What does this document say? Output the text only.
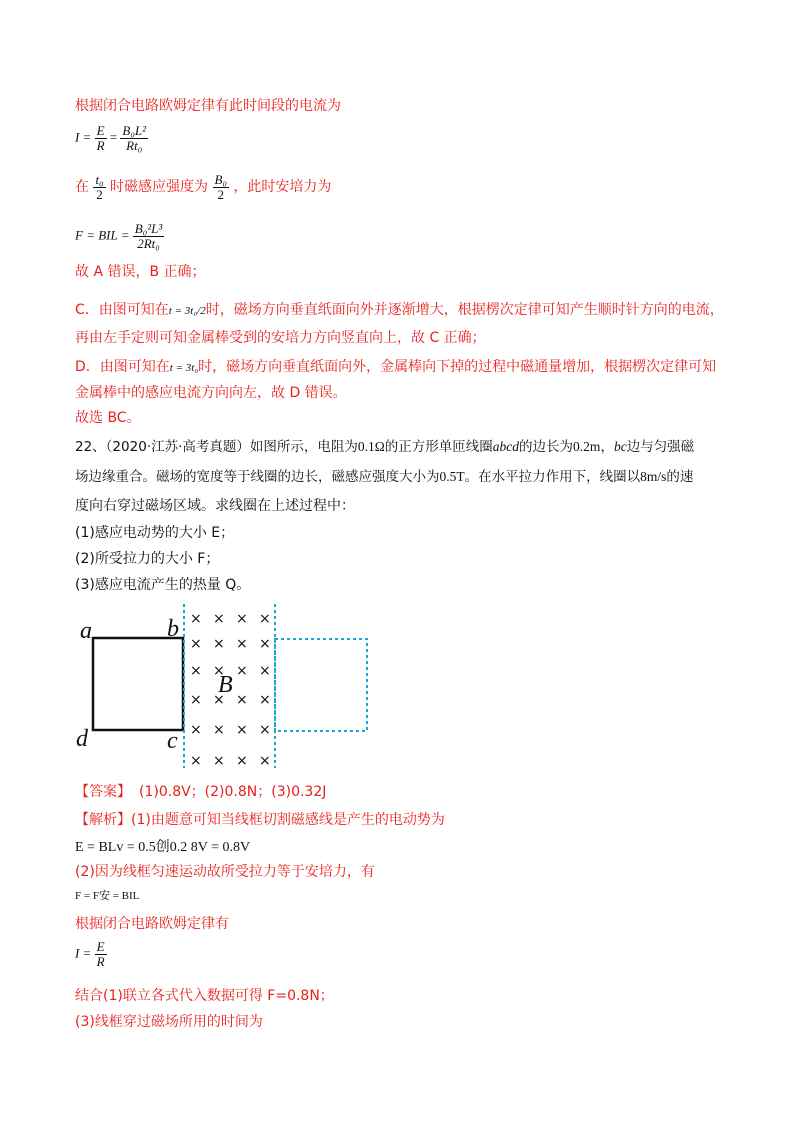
根据闭合电路欧姆定律有此时间段的电流为
$I = \frac{E}{R} = \frac{\text{B₀L²}}{\text{Rt₀}}$
在 $\frac{\text{t₀}}{2}$ 时磁感应强度为 $\frac{\text{B₀}}{2}$ ，此时安培力为
F = BIL = $\frac{\text{B₀²L³}}{\text{2Rt₀}}$
故 A 错误，B 正确；
C．由图可知在t = 3t₀/2时，磁场方向垂直纸面向外并逐渐增大，根据楞次定律可知产生顺时针方向的电流，
再由左手定则可知金属棒受到的安培力方向竖直向上，故 C 正确；
D．由图可知在t = 3t₀时，磁场方向垂直纸面向外，金属棒向下掉的过程中磁通量增加，根据楞次定律可知
金属棒中的感应电流方向向左，故 D 错误。
故选 BC。
22、（2020·江苏·高考真题）如图所示，电阻为0.1Ω的正方形单匝线圈abcd的边长为0.2m，bc边与匀强磁
场边缘重合。磁场的宽度等于线圈的边长，磁感应强度大小为0.5T。在水平拉力作用下，线圈以8m/s的速
度向右穿过磁场区域。求线圈在上述过程中：
(1)感应电动势的大小 E；
(2)所受拉力的大小 F；
(3)感应电流产生的热量 Q。
× × × ×
× × × ×
× × × ×
× × × ×
× × × ×
× × × ×
a	b
c
d
B
【答案】 (1)0.8V；(2)0.8N；(3)0.32J
【解析】(1)由题意可知当线框切割磁感线是产生的电动势为
E = BLv = 0.5创0.2 8V = 0.8V
(2)因为线框匀速运动故所受拉力等于安培力，有
F = F安 = BIL
根据闭合电路欧姆定律有
$I = \frac{E}{R}$
结合(1)联立各式代入数据可得 F=0.8N；
(3)线框穿过磁场所用的时间为
